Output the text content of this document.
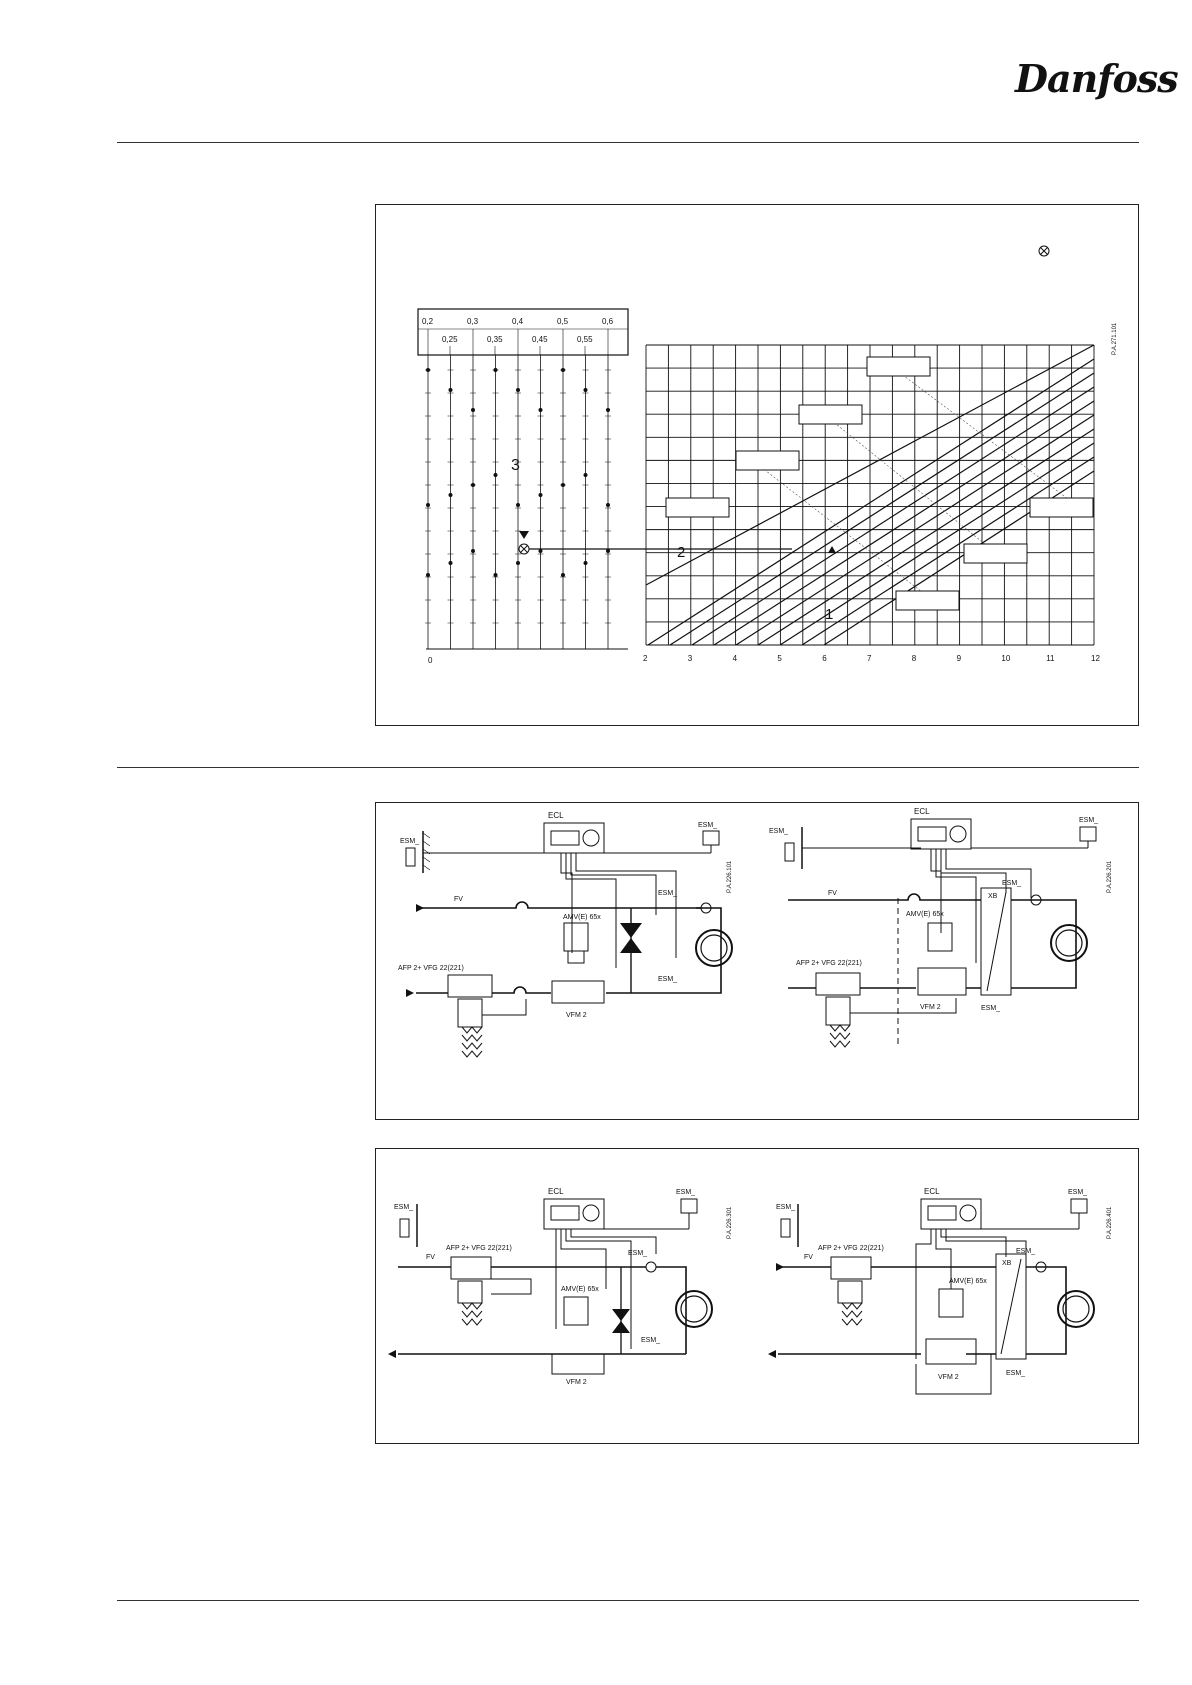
Danfoss
0,2	0,3	0,4	0,5	0,6
0,25	0,35	0,45	0,55
0
3
2
1
2	3	4	5	6	7	8	9	10	11	12
P.A.271.101
ECL
ESM_
ESM_
ESM_
ESM_
FV
AMV(E) 65x
AFP 2+ VFG 22(221)
VFM 2
P.A.226.101
ECL
ESM_
ESM_
ESM_
ESM_
XB
FV
AMV(E) 65x
AFP 2+ VFG 22(221)
VFM 2
P.A.226.201
ECL
ESM_
ESM_
ESM_
ESM_
FV
AMV(E) 65x
AFP 2+ VFG 22(221)
VFM 2
P.A.226.301
ECL
ESM_
ESM_
ESM_
ESM_
XB
FV
AMV(E) 65x
AFP 2+ VFG 22(221)
VFM 2
P.A.226.401
